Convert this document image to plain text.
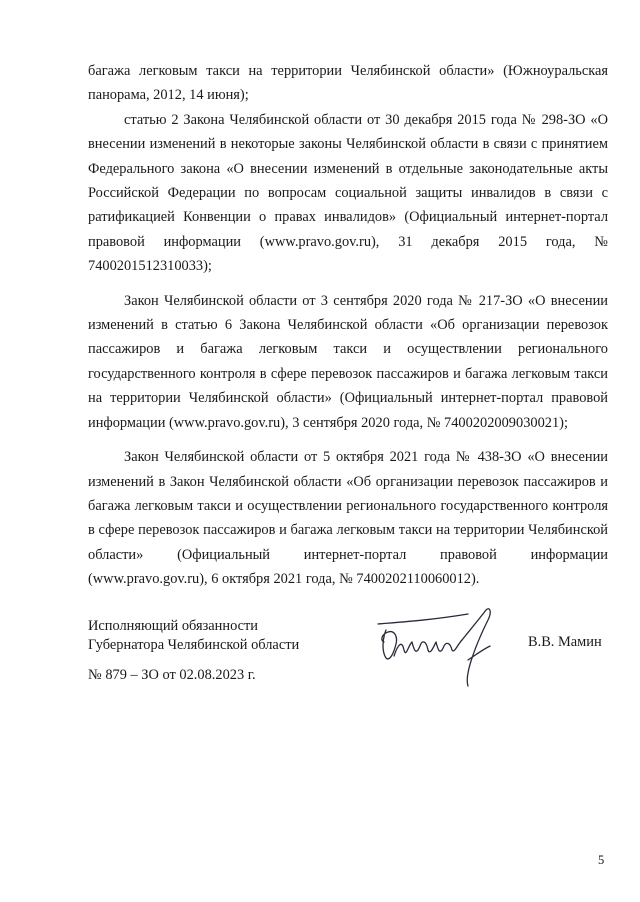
багажа легковым такси на территории Челябинской области» (Южноуральская панорама, 2012, 14 июня);

статью 2 Закона Челябинской области от 30 декабря 2015 года № 298-ЗО «О внесении изменений в некоторые законы Челябинской области в связи с принятием Федерального закона «О внесении изменений в отдельные законодательные акты Российской Федерации по вопросам социальной защиты инвалидов в связи с ратификацией Конвенции о правах инвалидов» (Официальный интернет-портал правовой информации (www.pravo.gov.ru), 31 декабря 2015 года, № 7400201512310033);

Закон Челябинской области от 3 сентября 2020 года № 217-ЗО «О внесении изменений в статью 6 Закона Челябинской области «Об организации перевозок пассажиров и багажа легковым такси и осуществлении регионального государственного контроля в сфере перевозок пассажиров и багажа легковым такси на территории Челябинской области» (Официальный интернет-портал правовой информации (www.pravo.gov.ru), 3 сентября 2020 года, № 7400202009030021);

Закон Челябинской области от 5 октября 2021 года № 438-ЗО «О внесении изменений в Закон Челябинской области «Об организации перевозок пассажиров и багажа легковым такси и осуществлении регионального государственного контроля в сфере перевозок пассажиров и багажа легковым такси на территории Челябинской области» (Официальный интернет-портал правовой информации (www.pravo.gov.ru), 6 октября 2021 года, № 7400202110060012).

Исполняющий обязанности
Губернатора Челябинской области	В.В. Мамин
№ 879 – ЗО от 02.08.2023 г.
5
